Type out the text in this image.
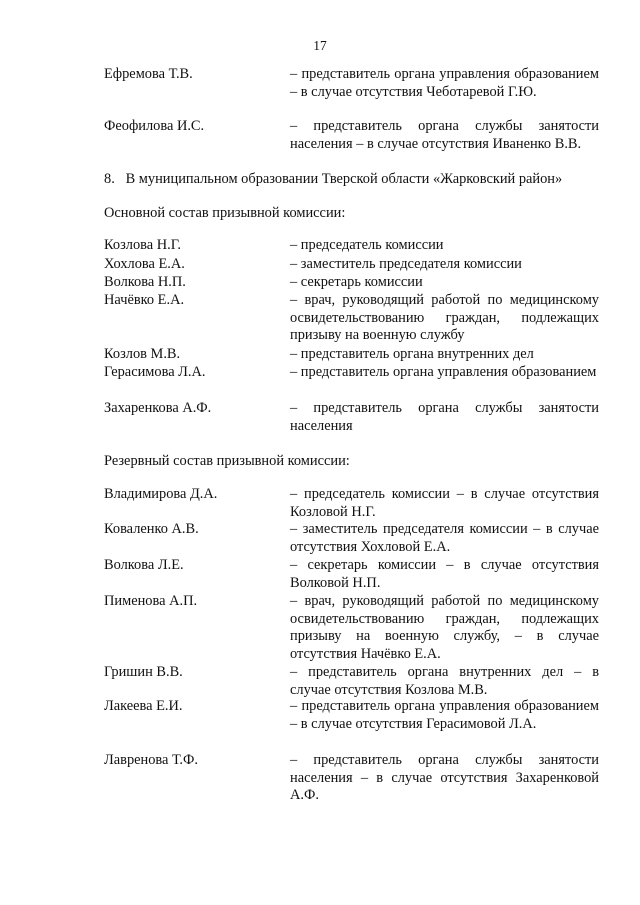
17
Ефремова Т.В.	– представитель органа управления образованием – в случае отсутствия Чеботаревой Г.Ю.
Феофилова И.С.	– представитель органа службы занятости населения – в случае отсутствия Иваненко В.В.
8.   В муниципальном образовании Тверской области «Жарковский район»
Основной состав призывной комиссии:
Козлова Н.Г.	– председатель комиссии
Хохлова Е.А.	– заместитель председателя комиссии
Волкова Н.П.	– секретарь комиссии
Начёвко Е.А.	– врач, руководящий работой по медицинскому освидетельствованию граждан, подлежащих призыву на военную службу
Козлов М.В.	– представитель органа внутренних дел
Герасимова Л.А.	– представитель органа управления образованием
Захаренкова А.Ф.	– представитель органа службы занятости населения
Резервный состав призывной комиссии:
Владимирова Д.А.	– председатель комиссии – в случае отсутствия Козловой Н.Г.
Коваленко А.В.	– заместитель председателя комиссии – в случае отсутствия Хохловой Е.А.
Волкова Л.Е.	– секретарь комиссии – в случае отсутствия Волковой Н.П.
Пименова А.П.	– врач, руководящий работой по медицинскому освидетельствованию граждан, подлежащих призыву на военную службу, – в случае отсутствия Начёвко Е.А.
Гришин В.В.	– представитель органа внутренних дел – в случае отсутствия Козлова М.В.
Лакеева Е.И.	– представитель органа управления образованием – в случае отсутствия Герасимовой Л.А.
Лавренова Т.Ф.	– представитель органа службы занятости населения – в случае отсутствия Захаренковой А.Ф.
